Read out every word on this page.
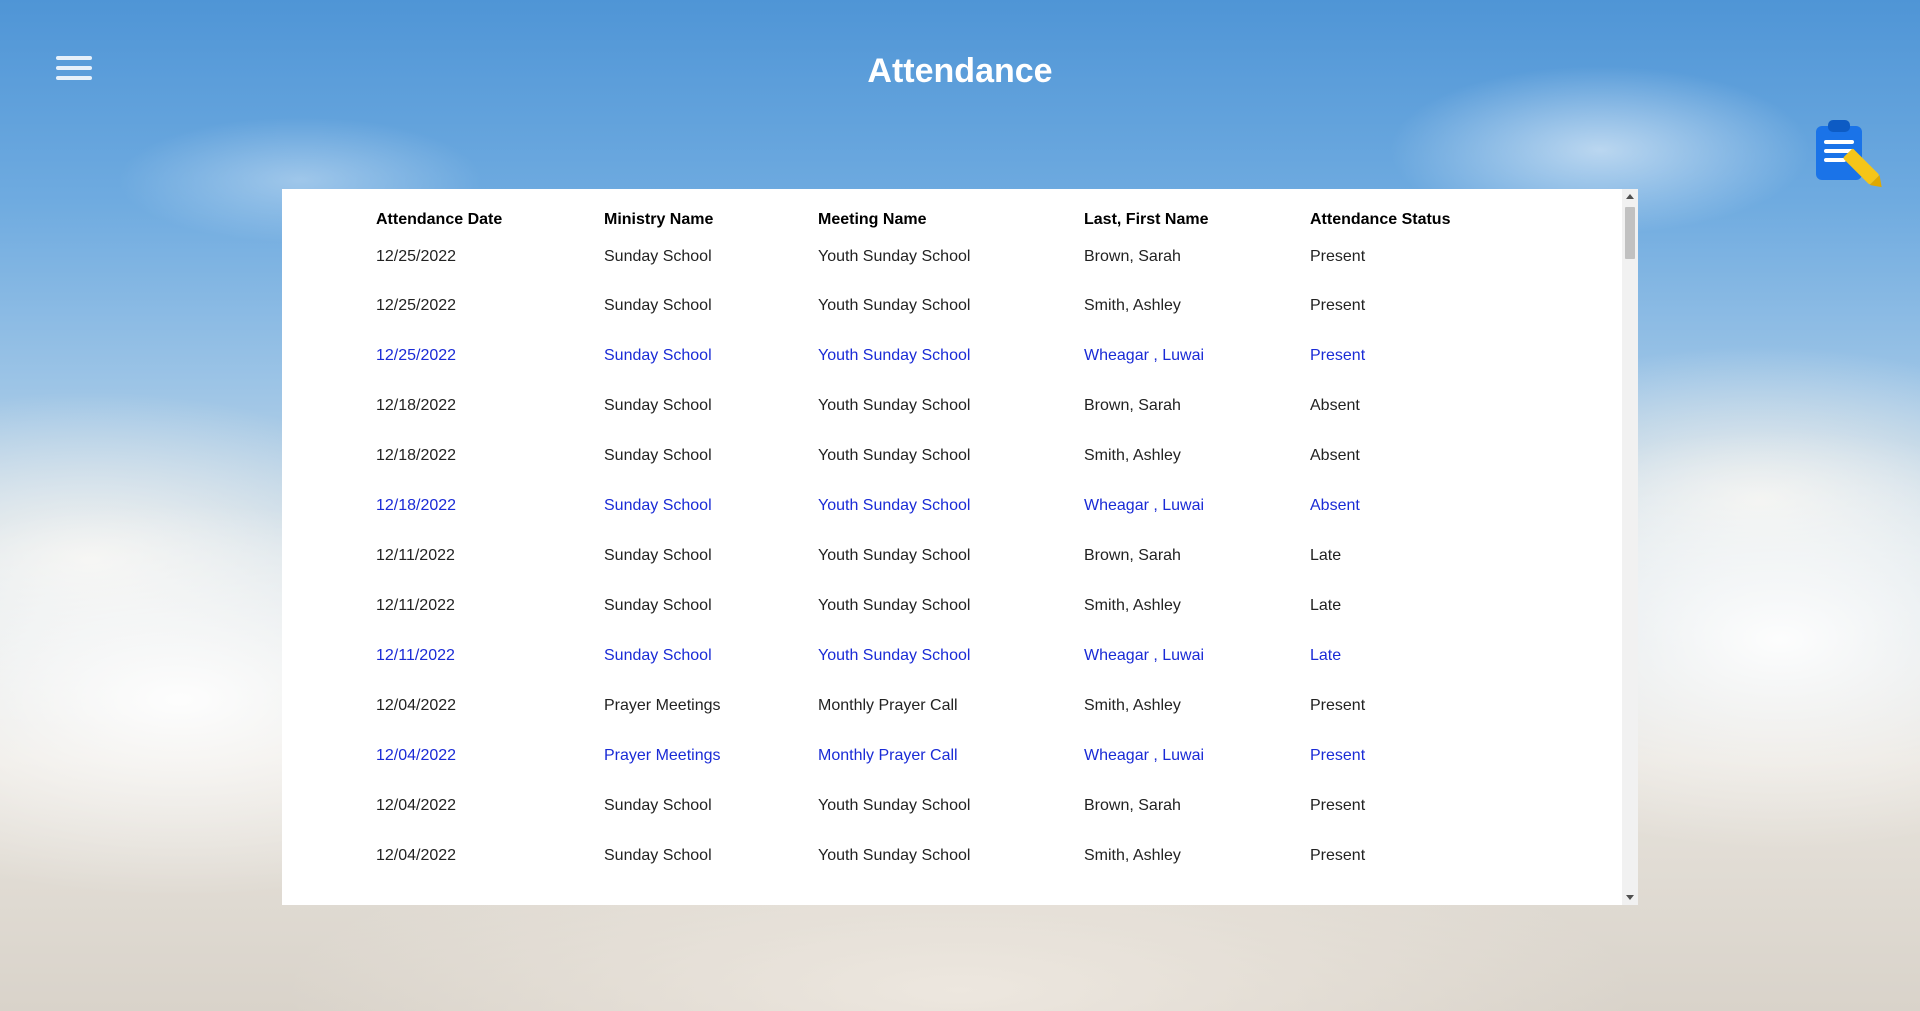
Attendance
Attendance Date	Ministry Name	Meeting Name	Last, First Name	Attendance Status
12/25/2022	Sunday School	Youth Sunday School	Brown, Sarah	Present
12/25/2022	Sunday School	Youth Sunday School	Smith, Ashley	Present
12/25/2022	Sunday School	Youth Sunday School	Wheagar , Luwai	Present
12/18/2022	Sunday School	Youth Sunday School	Brown, Sarah	Absent
12/18/2022	Sunday School	Youth Sunday School	Smith, Ashley	Absent
12/18/2022	Sunday School	Youth Sunday School	Wheagar , Luwai	Absent
12/11/2022	Sunday School	Youth Sunday School	Brown, Sarah	Late
12/11/2022	Sunday School	Youth Sunday School	Smith, Ashley	Late
12/11/2022	Sunday School	Youth Sunday School	Wheagar , Luwai	Late
12/04/2022	Prayer Meetings	Monthly Prayer Call	Smith, Ashley	Present
12/04/2022	Prayer Meetings	Monthly Prayer Call	Wheagar , Luwai	Present
12/04/2022	Sunday School	Youth Sunday School	Brown, Sarah	Present
12/04/2022	Sunday School	Youth Sunday School	Smith, Ashley	Present
